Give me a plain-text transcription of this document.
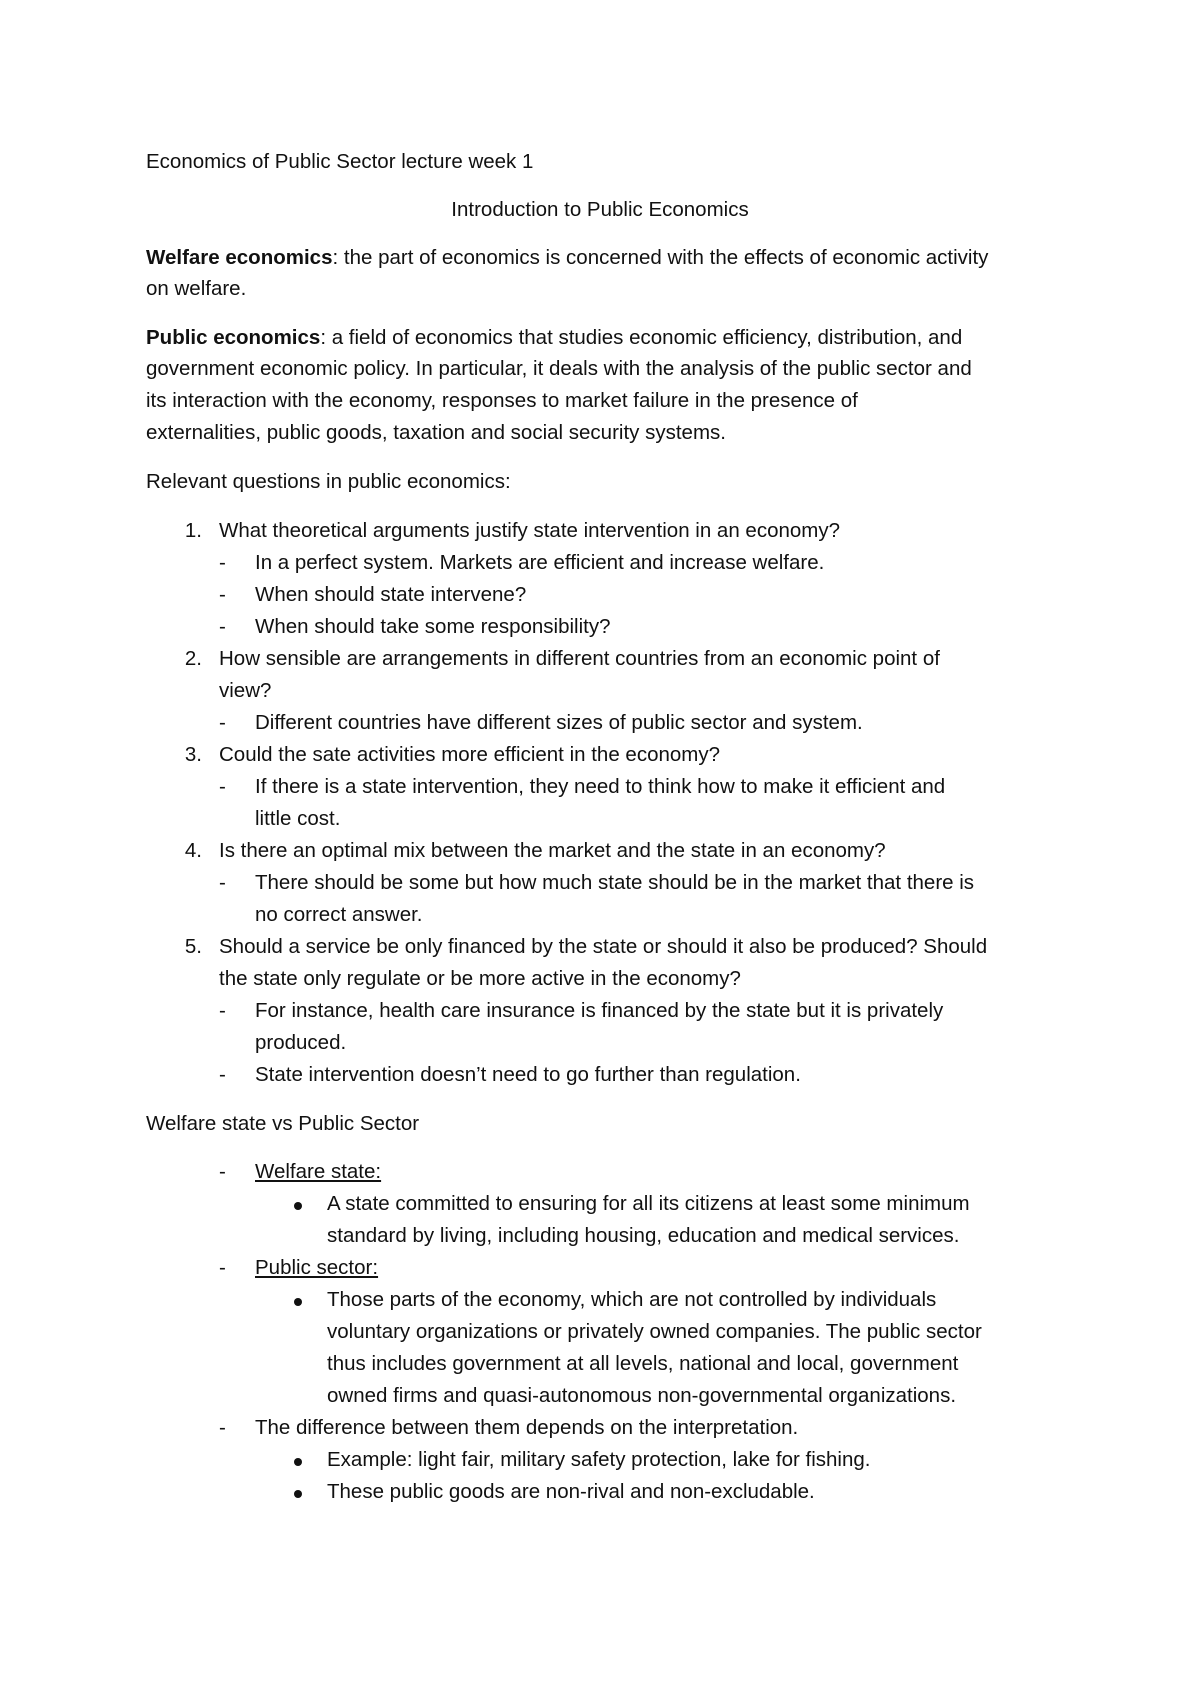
Economics of Public Sector lecture week 1
Introduction to Public Economics
Welfare economics: the part of economics is concerned with the effects of economic activity
on welfare.
Public economics: a field of economics that studies economic efficiency, distribution, and
government economic policy. In particular, it deals with the analysis of the public sector and
its interaction with the economy, responses to market failure in the presence of
externalities, public goods, taxation and social security systems.
Relevant questions in public economics:
1. What theoretical arguments justify state intervention in an economy?
- In a perfect system. Markets are efficient and increase welfare.
- When should state intervene?
- When should take some responsibility?
2. How sensible are arrangements in different countries from an economic point of
view?
- Different countries have different sizes of public sector and system.
3. Could the sate activities more efficient in the economy?
- If there is a state intervention, they need to think how to make it efficient and
little cost.
4. Is there an optimal mix between the market and the state in an economy?
- There should be some but how much state should be in the market that there is
no correct answer.
5. Should a service be only financed by the state or should it also be produced? Should
the state only regulate or be more active in the economy?
- For instance, health care insurance is financed by the state but it is privately
produced.
- State intervention doesn’t need to go further than regulation.
Welfare state vs Public Sector
- Welfare state:
A state committed to ensuring for all its citizens at least some minimum
standard by living, including housing, education and medical services.
- Public sector:
Those parts of the economy, which are not controlled by individuals
voluntary organizations or privately owned companies. The public sector
thus includes government at all levels, national and local, government
owned firms and quasi-autonomous non-governmental organizations.
- The difference between them depends on the interpretation.
Example: light fair, military safety protection, lake for fishing.
These public goods are non-rival and non-excludable.
